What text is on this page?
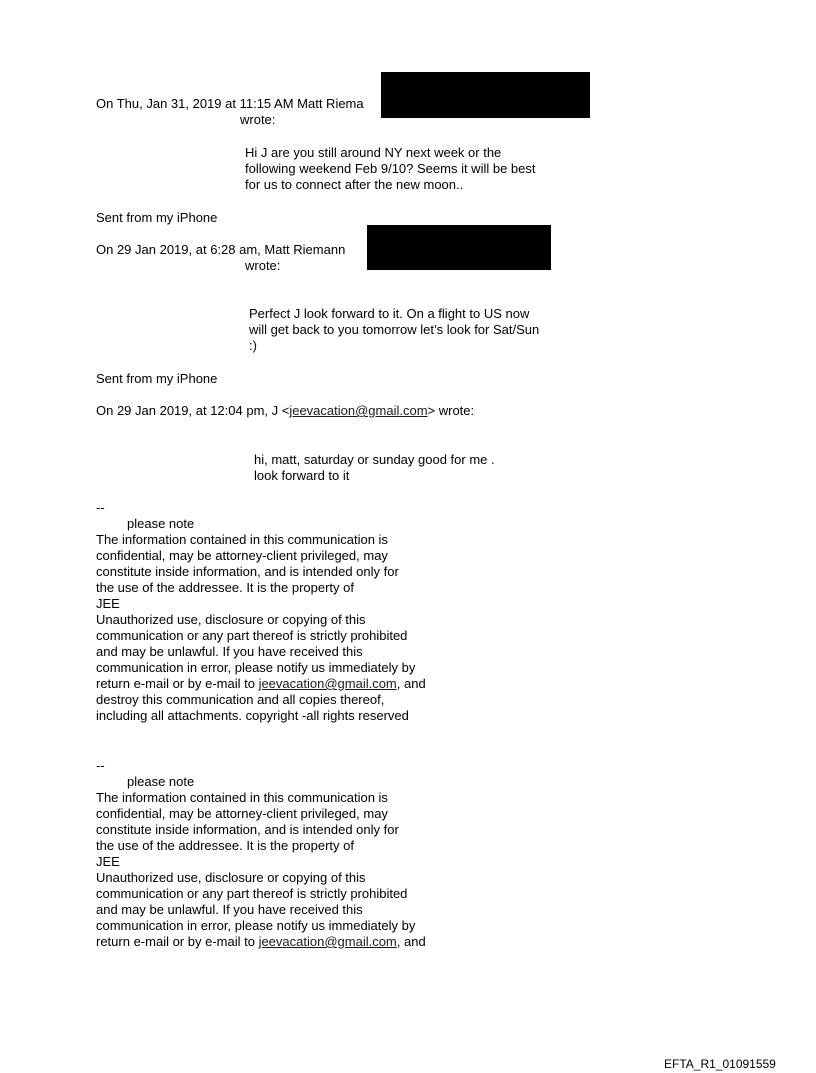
On Thu, Jan 31, 2019 at 11:15 AM Matt Riema
wrote:
Hi J are you still around NY next week or the
following weekend Feb 9/10? Seems it will be best
for us to connect after the new moon..
Sent from my iPhone
On 29 Jan 2019, at 6:28 am, Matt Riemann
wrote:
Perfect J look forward to it. On a flight to US now
will get back to you tomorrow let’s look for Sat/Sun
:)
Sent from my iPhone
On 29 Jan 2019, at 12:04 pm, J <jeevacation@gmail.com> wrote:
hi, matt, saturday or sunday good for me .
look forward to it
--
please note
The information contained in this communication is
confidential, may be attorney-client privileged, may
constitute inside information, and is intended only for
the use of the addressee. It is the property of
JEE
Unauthorized use, disclosure or copying of this
communication or any part thereof is strictly prohibited
and may be unlawful. If you have received this
communication in error, please notify us immediately by
return e-mail or by e-mail to jeevacation@gmail.com, and
destroy this communication and all copies thereof,
including all attachments. copyright -all rights reserved
--
please note
The information contained in this communication is
confidential, may be attorney-client privileged, may
constitute inside information, and is intended only for
the use of the addressee. It is the property of
JEE
Unauthorized use, disclosure or copying of this
communication or any part thereof is strictly prohibited
and may be unlawful. If you have received this
communication in error, please notify us immediately by
return e-mail or by e-mail to jeevacation@gmail.com, and
EFTA_R1_01091559
